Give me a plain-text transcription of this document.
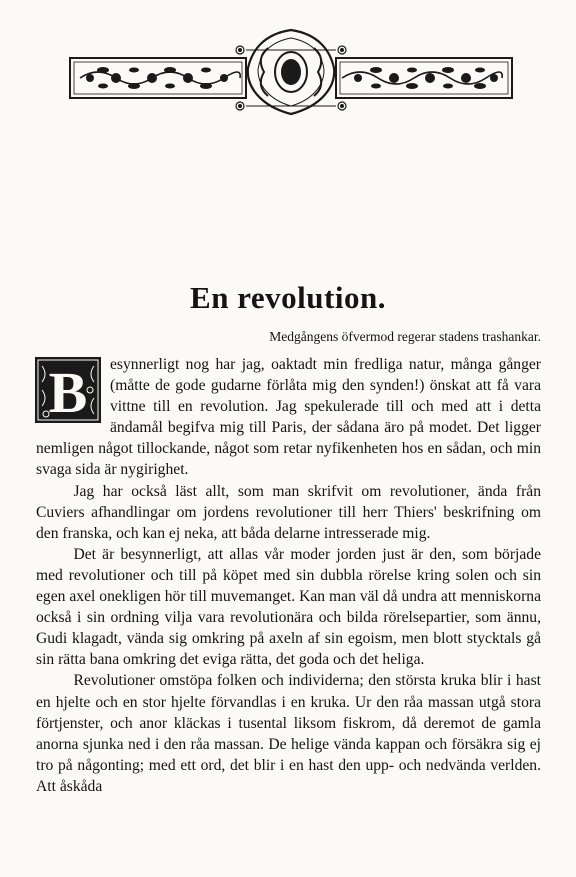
En revolution.
Medgångens öfvermod regerar stadens trashankar.
B	esynnerligt nog har jag, oaktadt min fredliga natur, många gånger (måtte de gode gudarne förlåta mig den synden!) önskat att få vara vittne till en revolution. Jag spekulerade till och med att i detta ändamål begifva mig till Paris, der sådana äro på modet. Det ligger nemligen något tillockande, något som retar nyfikenheten hos en sådan, och min svaga sida är nygirighet.

Jag har också läst allt, som man skrifvit om revolutioner, ända från Cuviers afhandlingar om jordens revolutioner till herr Thiers' beskrifning om den franska, och kan ej neka, att båda delarne intresserade mig.

Det är besynnerligt, att allas vår moder jorden just är den, som började med revolutioner och till på köpet med sin dubbla rörelse kring solen och sin egen axel onekligen hör till muvemanget. Kan man väl då undra att menniskorna också i sin ordning vilja vara revolutionära och bilda rörelsepartier, som ännu, Gudi klagadt, vända sig omkring på axeln af sin egoism, men blott stycktals gå sin rätta bana omkring det eviga rätta, det goda och det heliga.

Revolutioner omstöpa folken och individerna; den största kruka blir i hast en hjelte och en stor hjelte förvandlas i en kruka. Ur den råa massan utgå stora förtjenster, och anor kläckas i tusental liksom fiskrom, då deremot de gamla anorna sjunka ned i den råa massan. De helige vända kappan och försäkra sig ej tro på någonting; med ett ord, det blir i en hast den upp- och nedvända verlden. Att åskåda
